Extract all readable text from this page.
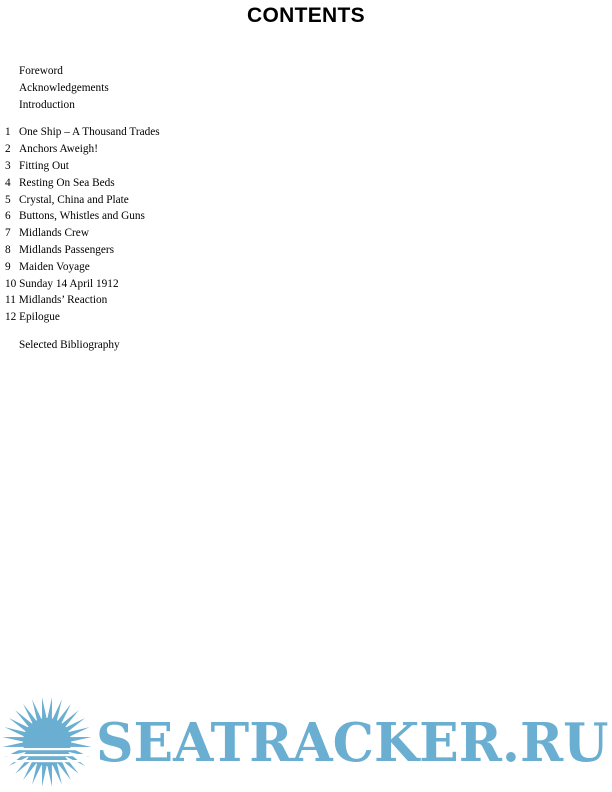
CONTENTS
Foreword
Acknowledgements
Introduction
1 One Ship – A Thousand Trades
2 Anchors Aweigh!
3 Fitting Out
4 Resting On Sea Beds
5 Crystal, China and Plate
6 Buttons, Whistles and Guns
7 Midlands Crew
8 Midlands Passengers
9 Maiden Voyage
10 Sunday 14 April 1912
11 Midlands’ Reaction
12 Epilogue
Selected Bibliography
SEATRACKER.RU
